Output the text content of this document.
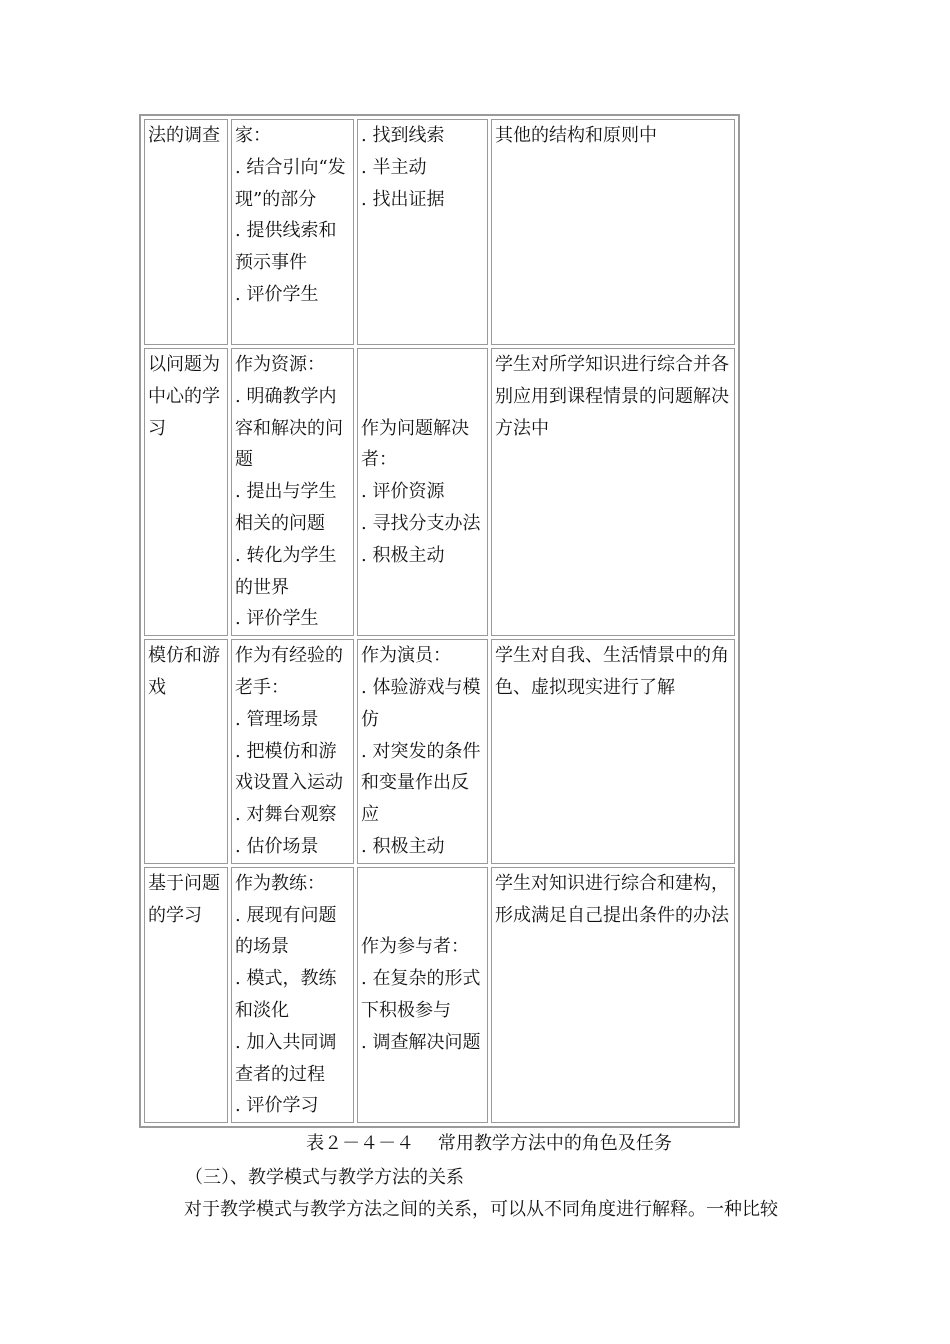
法的调查	家：
. 结合引向“发现”的部分
. 提供线索和预示事件
. 评价学生	. 找到线索
. 半主动
. 找出证据	其他的结构和原则中
以问题为中心的学习	作为资源：
. 明确教学内容和解决的问题
. 提出与学生相关的问题
. 转化为学生的世界
. 评价学生	作为问题解决者：
. 评价资源
. 寻找分支办法
. 积极主动	学生对所学知识进行综合并各别应用到课程情景的问题解决方法中
模仿和游戏	作为有经验的老手：
. 管理场景
. 把模仿和游戏设置入运动
. 对舞台观察
. 估价场景	作为演员：
. 体验游戏与模仿
. 对突发的条件和变量作出反应
. 积极主动	学生对自我、生活情景中的角色、虚拟现实进行了解
基于问题的学习	作为教练：
. 展现有问题的场景
. 模式，教练和淡化
. 加入共同调查者的过程
. 评价学习	作为参与者：
. 在复杂的形式下积极参与
. 调查解决问题	学生对知识进行综合和建构，形成满足自己提出条件的办法
表２－４－４　 常用教学方法中的角色及任务
（三）、教学模式与教学方法的关系
对于教学模式与教学方法之间的关系，可以从不同角度进行解释。一种比较
